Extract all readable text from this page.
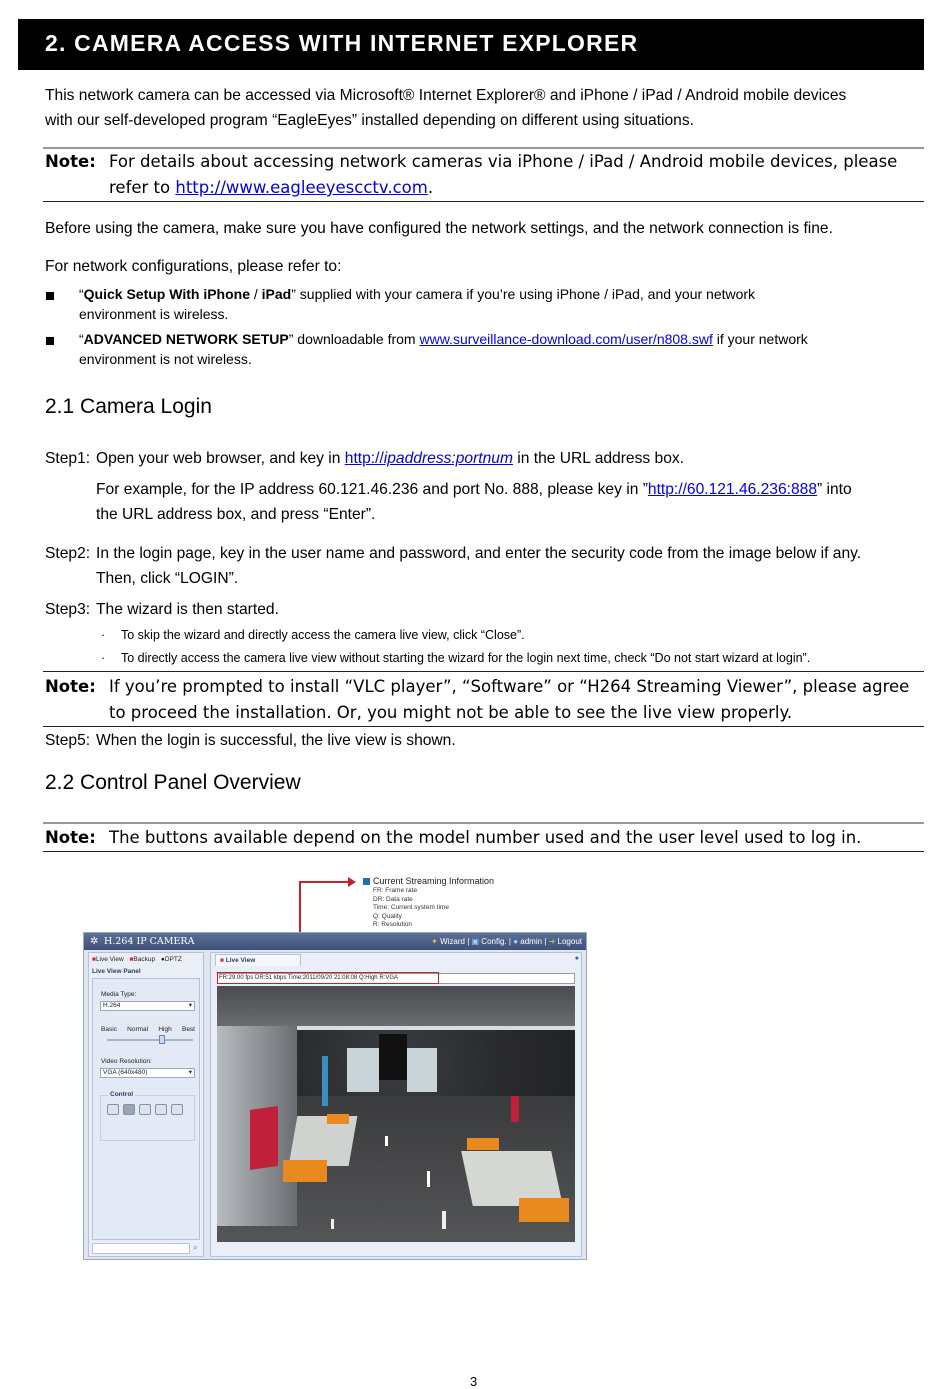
2. CAMERA ACCESS WITH INTERNET EXPLORER
This network camera can be accessed via Microsoft® Internet Explorer® and iPhone / iPad / Android mobile devices
with our self-developed program “EagleEyes” installed depending on different using situations.
Note: For details about accessing network cameras via iPhone / iPad / Android mobile devices, please
refer to http://www.eagleeyescctv.com.
Before using the camera, make sure you have configured the network settings, and the network connection is fine.
For network configurations, please refer to:
“Quick Setup With iPhone / iPad” supplied with your camera if you’re using iPhone / iPad, and your network
environment is wireless.
“ADVANCED NETWORK SETUP” downloadable from www.surveillance-download.com/user/n808.swf if your network
environment is not wireless.
2.1 Camera Login
Step1: Open your web browser, and key in http://ipaddress:portnum in the URL address box.
For example, for the IP address 60.121.46.236 and port No. 888, please key in ”http://60.121.46.236:888” into
the URL address box, and press “Enter”.
Step2: In the login page, key in the user name and password, and enter the security code from the image below if any.
Then, click “LOGIN”.
Step3: The wizard is then started.
· To skip the wizard and directly access the camera live view, click “Close”.
· To directly access the camera live view without starting the wizard for the login next time, check “Do not start wizard at login”.
Note: If you’re prompted to install “VLC player”, “Software” or “H264 Streaming Viewer”, please agree
to proceed the installation. Or, you might not be able to see the live view properly.
Step5: When the login is successful, the live view is shown.
2.2 Control Panel Overview
Note: The buttons available depend on the model number used and the user level used to log in.
Current Streaming Information
FR: Frame rate
DR: Data rate
Time: Current system time
Q: Quality
R: Resolution
✲ H.264 IP CAMERA	✦ Wizard | ▣ Config. | ● admin | ➜ Logout
■Live View ■Backup ●DPTZ
Live View Panel
Media Type:
H.264	▾
Basic Normal High Best
Video Resolution:
VGA (640x480)	▾
Control
⌕
■ Live View
FR:29.00 fps DR:51 kbps Time:2011/09/20 21:08:08 Q:High R:VGA
●
3
